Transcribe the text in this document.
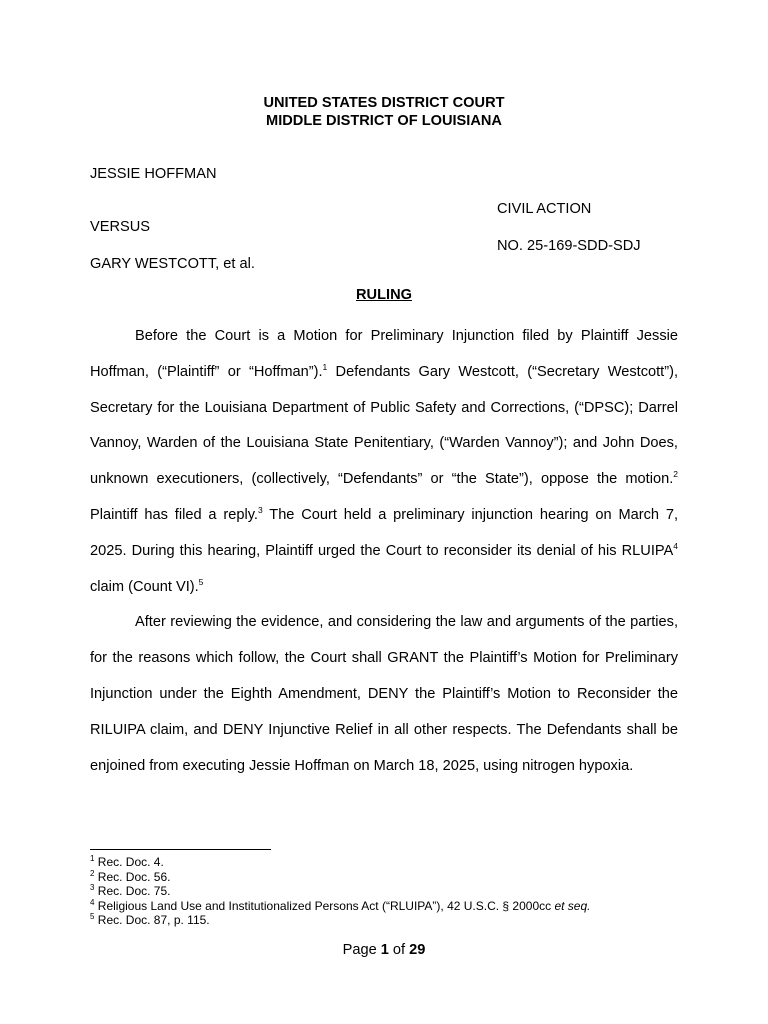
UNITED STATES DISTRICT COURT
MIDDLE DISTRICT OF LOUISIANA
JESSIE HOFFMAN
CIVIL ACTION
VERSUS
NO. 25-169-SDD-SDJ
GARY WESTCOTT, et al.
RULING

Before the Court is a Motion for Preliminary Injunction filed by Plaintiff Jessie Hoffman, (“Plaintiff” or “Hoffman”).$^1$ Defendants Gary Westcott, (“Secretary Westcott”), Secretary for the Louisiana Department of Public Safety and Corrections, (“DPSC); Darrel Vannoy, Warden of the Louisiana State Penitentiary, (“Warden Vannoy”); and John Does, unknown executioners, (collectively, “Defendants” or “the State”), oppose the motion.$^2$ Plaintiff has filed a reply.$^3$ The Court held a preliminary injunction hearing on March 7, 2025. During this hearing, Plaintiff urged the Court to reconsider its denial of his RLUIPA$^4$ claim (Count VI).$^5$

After reviewing the evidence, and considering the law and arguments of the parties, for the reasons which follow, the Court shall GRANT the Plaintiff’s Motion for Preliminary Injunction under the Eighth Amendment, DENY the Plaintiff’s Motion to Reconsider the RILUIPA claim, and DENY Injunctive Relief in all other respects. The Defendants shall be enjoined from executing Jessie Hoffman on March 18, 2025, using nitrogen hypoxia.

$^1$ Rec. Doc. 4.
$^2$ Rec. Doc. 56.
$^3$ Rec. Doc. 75.
$^4$ Religious Land Use and Institutionalized Persons Act (“RLUIPA”), 42 U.S.C. § 2000cc et seq.
$^5$ Rec. Doc. 87, p. 115.
Page 1 of 29
